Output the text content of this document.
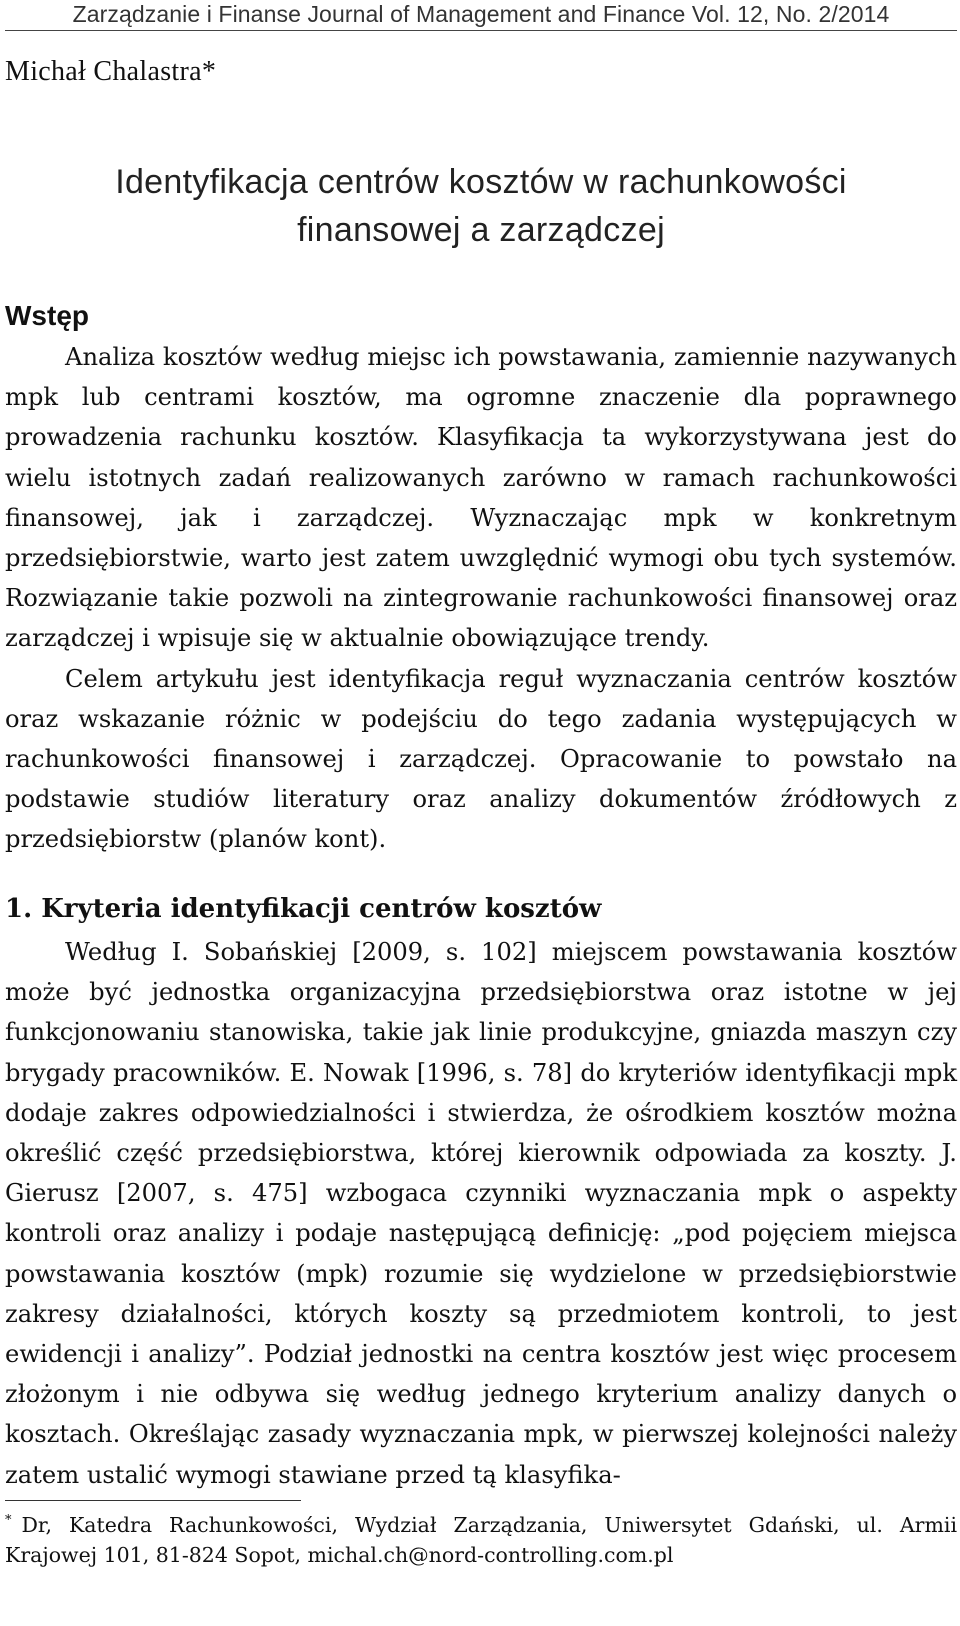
Zarządzanie i Finanse Journal of Management and Finance Vol. 12, No. 2/2014
Michał Chalastra*
Identyfikacja centrów kosztów w rachunkowości
finansowej a zarządczej
Wstęp

Analiza kosztów według miejsc ich powstawania, zamiennie nazywanych mpk lub centrami kosztów, ma ogromne znaczenie dla poprawnego prowadzenia rachunku kosztów. Klasyfikacja ta wykorzystywana jest do wielu istotnych zadań realizowanych zarówno w ramach rachunkowości finansowej, jak i zarządczej. Wyznaczając mpk w konkretnym przedsiębiorstwie, warto jest zatem uwzględnić wymogi obu tych systemów. Rozwiązanie takie pozwoli na zintegrowanie rachunkowości finansowej oraz zarządczej i wpisuje się w aktualnie obowiązujące trendy.

Celem artykułu jest identyfikacja reguł wyznaczania centrów kosztów oraz wskazanie różnic w podejściu do tego zadania występujących w rachunkowości finansowej i zarządczej. Opracowanie to powstało na podstawie studiów literatury oraz analizy dokumentów źródłowych z przedsiębiorstw (planów kont).

1. Kryteria identyfikacji centrów kosztów

Według I. Sobańskiej [2009, s. 102] miejscem powstawania kosztów może być jednostka organizacyjna przedsiębiorstwa oraz istotne w jej funkcjonowaniu stanowiska, takie jak linie produkcyjne, gniazda maszyn czy brygady pracowników. E. Nowak [1996, s. 78] do kryteriów identyfikacji mpk dodaje zakres odpowiedzialności i stwierdza, że ośrodkiem kosztów można określić część przedsiębiorstwa, której kierownik odpowiada za koszty. J. Gierusz [2007, s. 475] wzbogaca czynniki wyznaczania mpk o aspekty kontroli oraz analizy i podaje następującą definicję: „pod pojęciem miejsca powstawania kosztów (mpk) rozumie się wydzielone w przedsiębiorstwie zakresy działalności, których koszty są przedmiotem kontroli, to jest ewidencji i analizy”. Podział jednostki na centra kosztów jest więc procesem złożonym i nie odbywa się według jednego kryterium analizy danych o kosztach. Określając zasady wyznaczania mpk, w pierwszej kolejności należy zatem ustalić wymogi stawiane przed tą klasyfika-

* Dr, Katedra Rachunkowości, Wydział Zarządzania, Uniwersytet Gdański, ul. Armii Krajowej 101, 81-824 Sopot, michal.ch@nord-controlling.com.pl
